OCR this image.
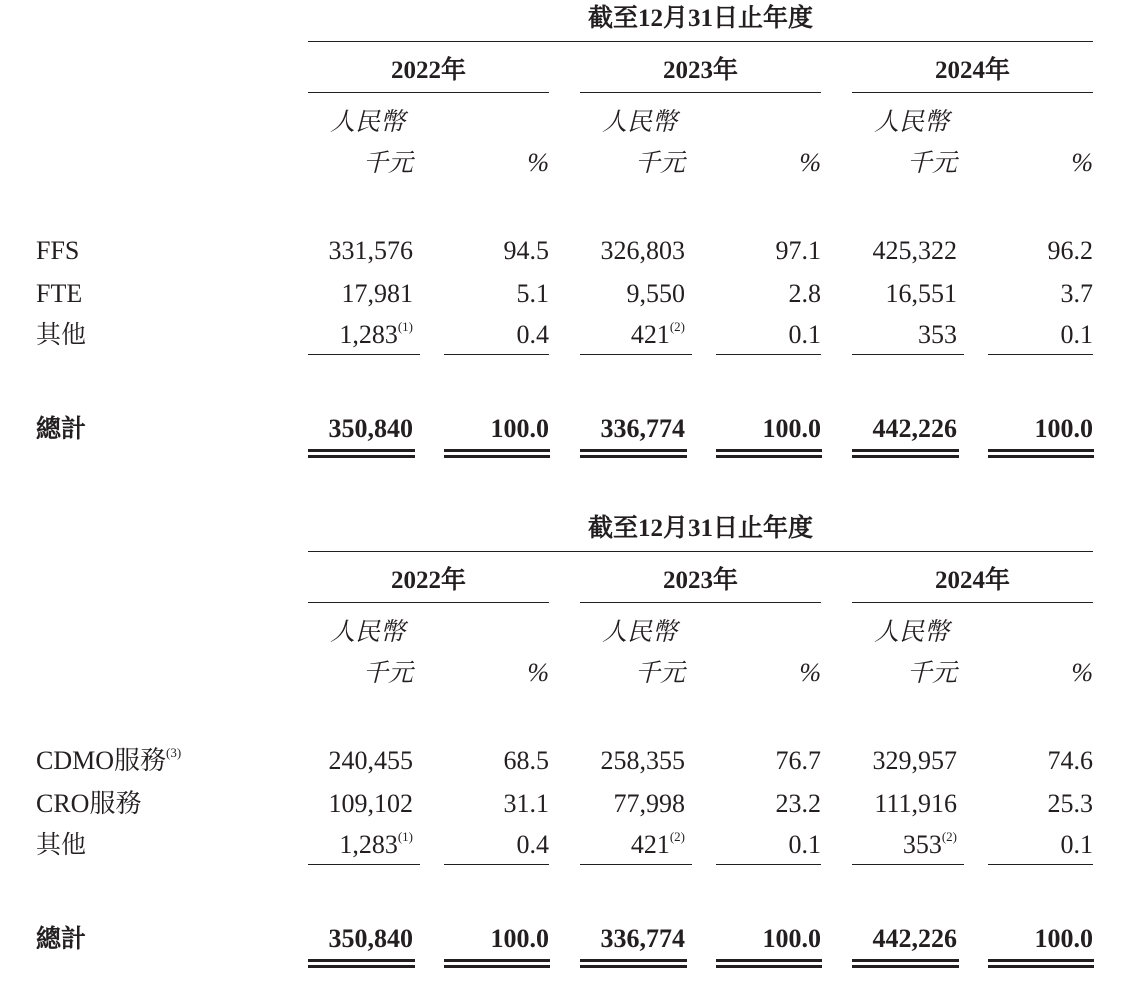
截至12月31日止年度
2022年
人民幣
千元	%
2023年
人民幣
千元	%
2024年
人民幣
千元	%
FFS	331,576	94.5	326,803	97.1	425,322	96.2
FTE	17,981	5.1	9,550	2.8	16,551	3.7
其他	1,283$^{(1)}$	0.4	421$^{(2)}$	0.1	353	0.1
總計	350,840	100.0	336,774	100.0	442,226	100.0
截至12月31日止年度
2022年
人民幣
千元	%
2023年
人民幣
千元	%
2024年
人民幣
千元	%
CDMO服務$^{(3)}$	240,455	68.5	258,355	76.7	329,957	74.6
CRO服務	109,102	31.1	77,998	23.2	111,916	25.3
其他	1,283$^{(1)}$	0.4	421$^{(2)}$	0.1	353$^{(2)}$	0.1
總計	350,840	100.0	336,774	100.0	442,226	100.0
